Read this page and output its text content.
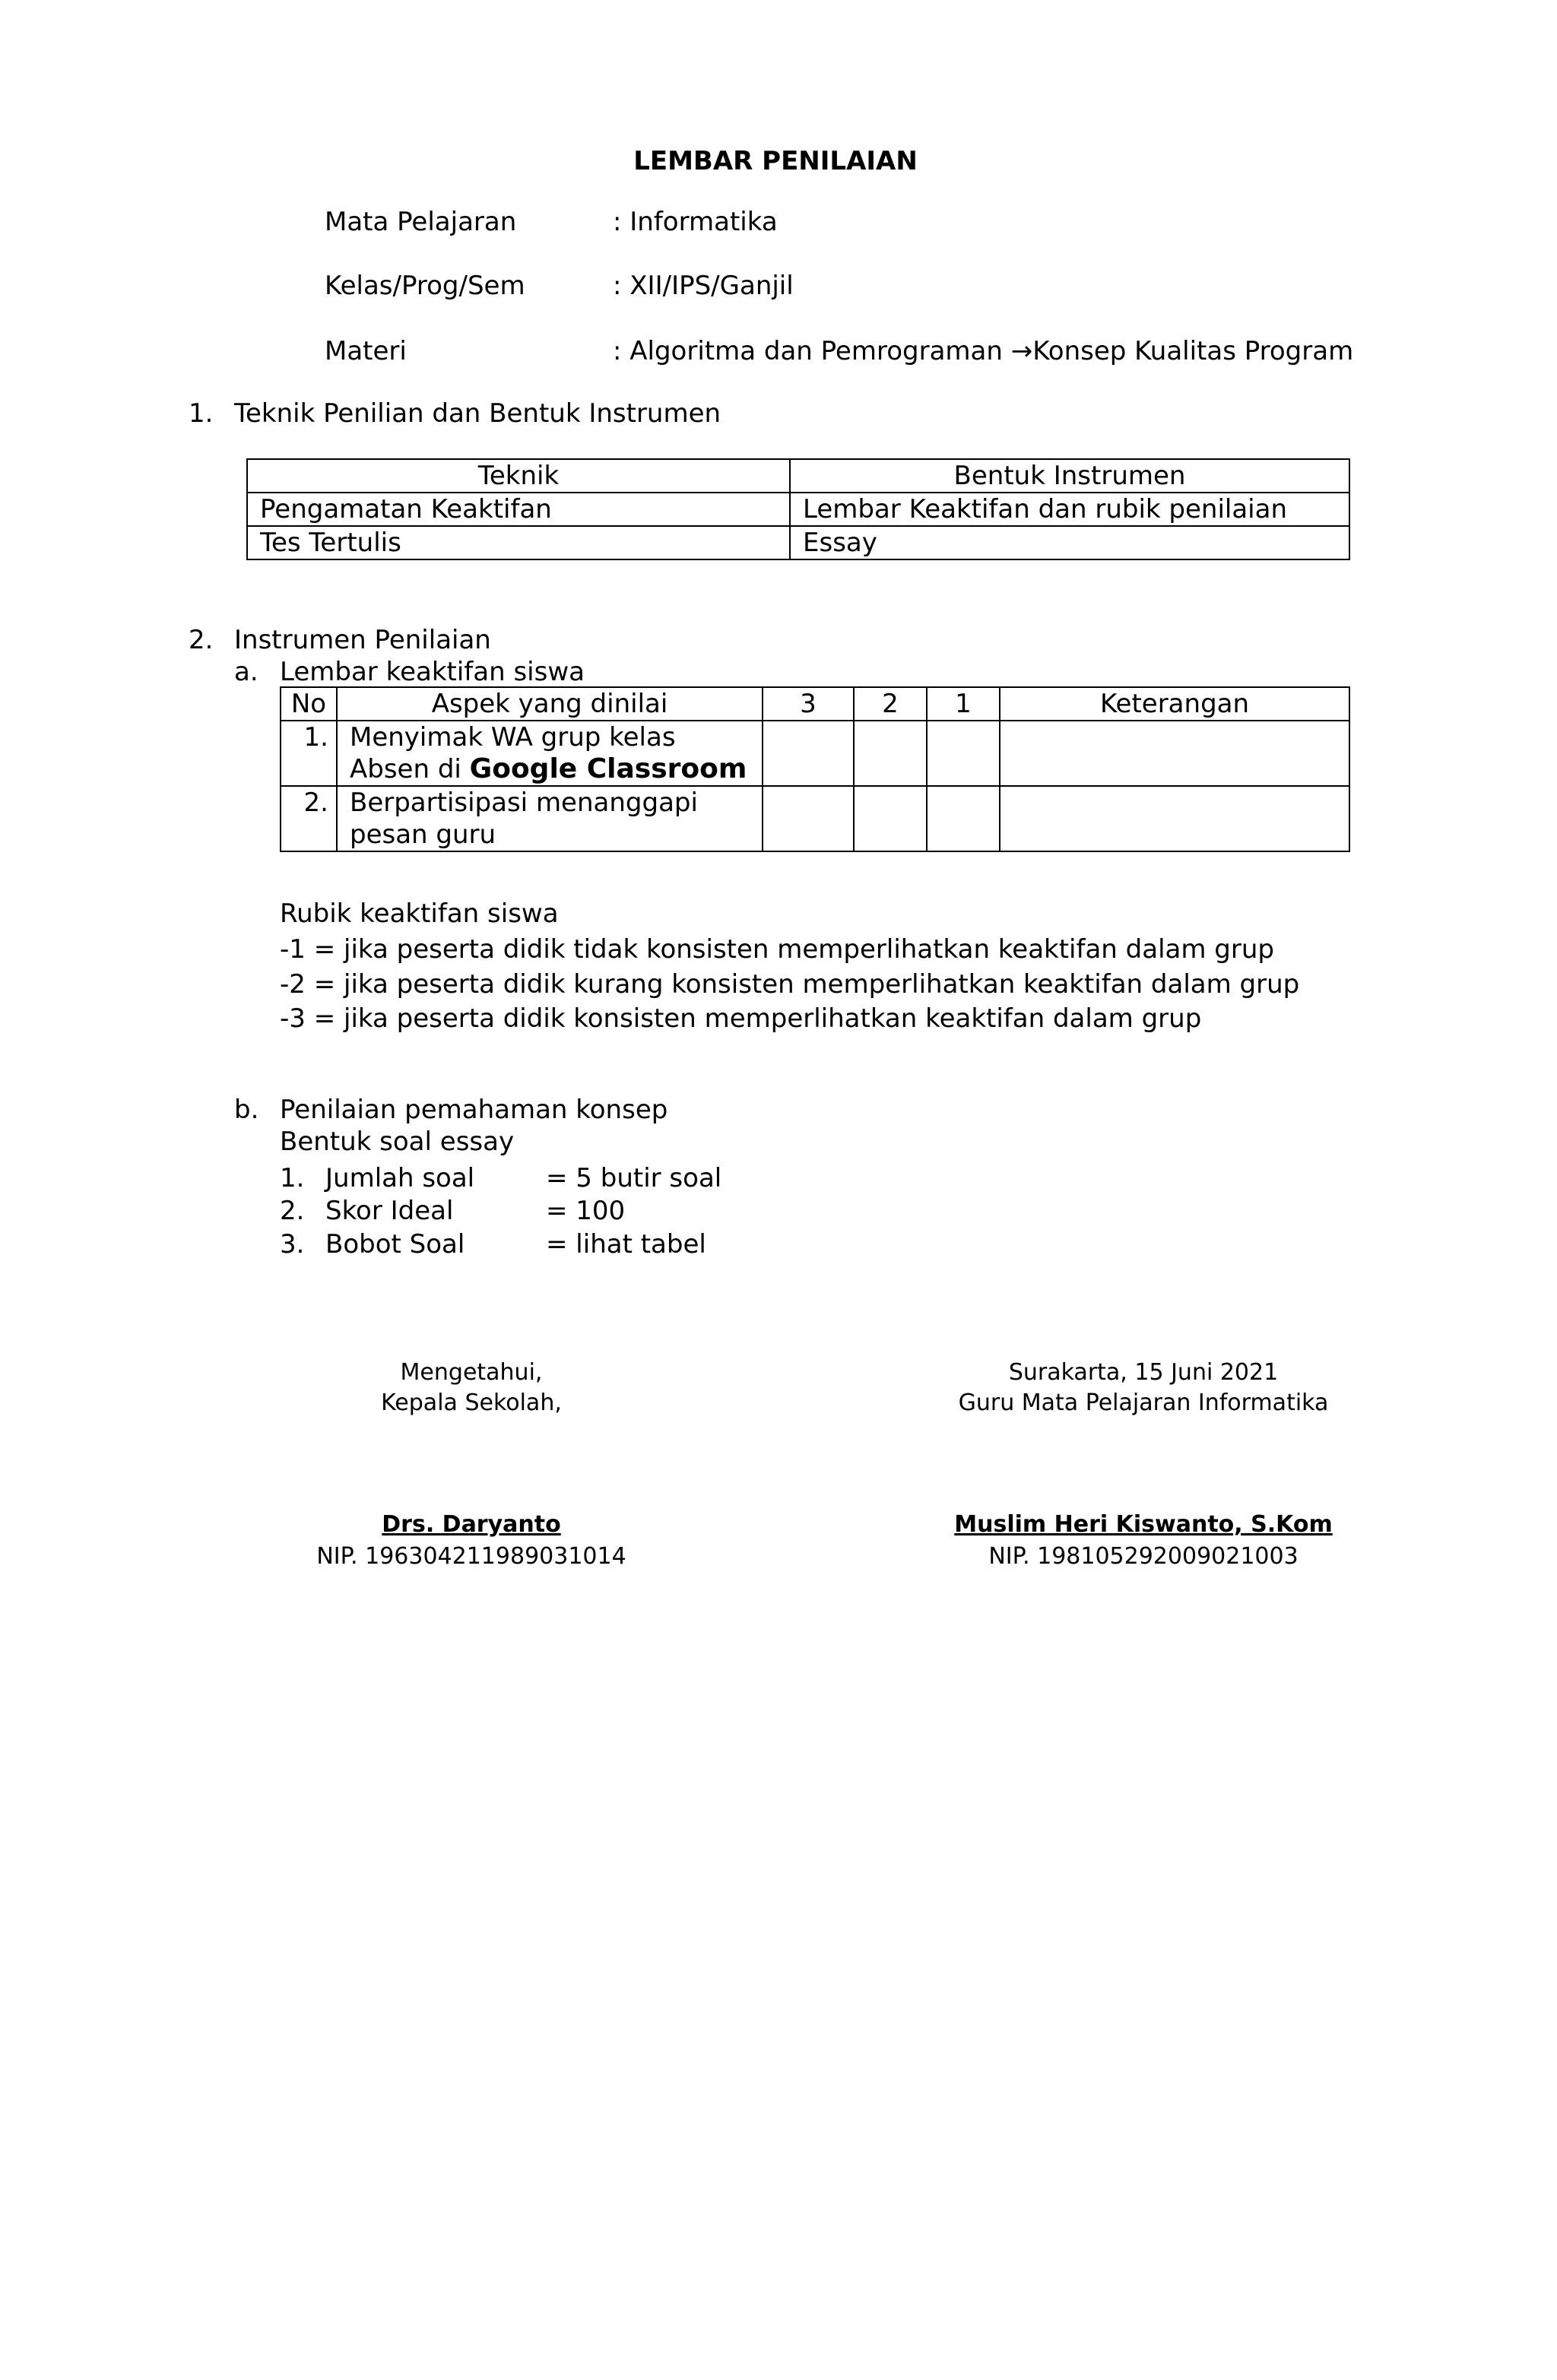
LEMBAR PENILAIAN
Mata Pelajaran	: Informatika
Kelas/Prog/Sem	: XII/IPS/Ganjil
Materi	: Algoritma dan Pemrograman →Konsep Kualitas Program
1. Teknik Penilian dan Bentuk Instrumen
Teknik	Bentuk Instrumen
Pengamatan Keaktifan	Lembar Keaktifan dan rubik penilaian
Tes Tertulis	Essay
2. Instrumen Penilaian
a. Lembar keaktifan siswa
No	Aspek yang dinilai	3	2	1	Keterangan
1.	Menyimak WA grup kelas
Absen di Google Classroom				

2.	Berpartisipasi menanggapi
pesan guru				

Rubik keaktifan siswa
-1 = jika peserta didik tidak konsisten memperlihatkan keaktifan dalam grup
-2 = jika peserta didik kurang konsisten memperlihatkan keaktifan dalam grup
-3 = jika peserta didik konsisten memperlihatkan keaktifan dalam grup
b. Penilaian pemahaman konsep
Bentuk soal essay
1. Jumlah soal	= 5 butir soal
2. Skor Ideal	= 100
3. Bobot Soal	= lihat tabel
Mengetahui,
Kepala Sekolah,
Drs. Daryanto
NIP. 196304211989031014
Surakarta, 15 Juni 2021
Guru Mata Pelajaran Informatika
Muslim Heri Kiswanto, S.Kom
NIP. 198105292009021003
